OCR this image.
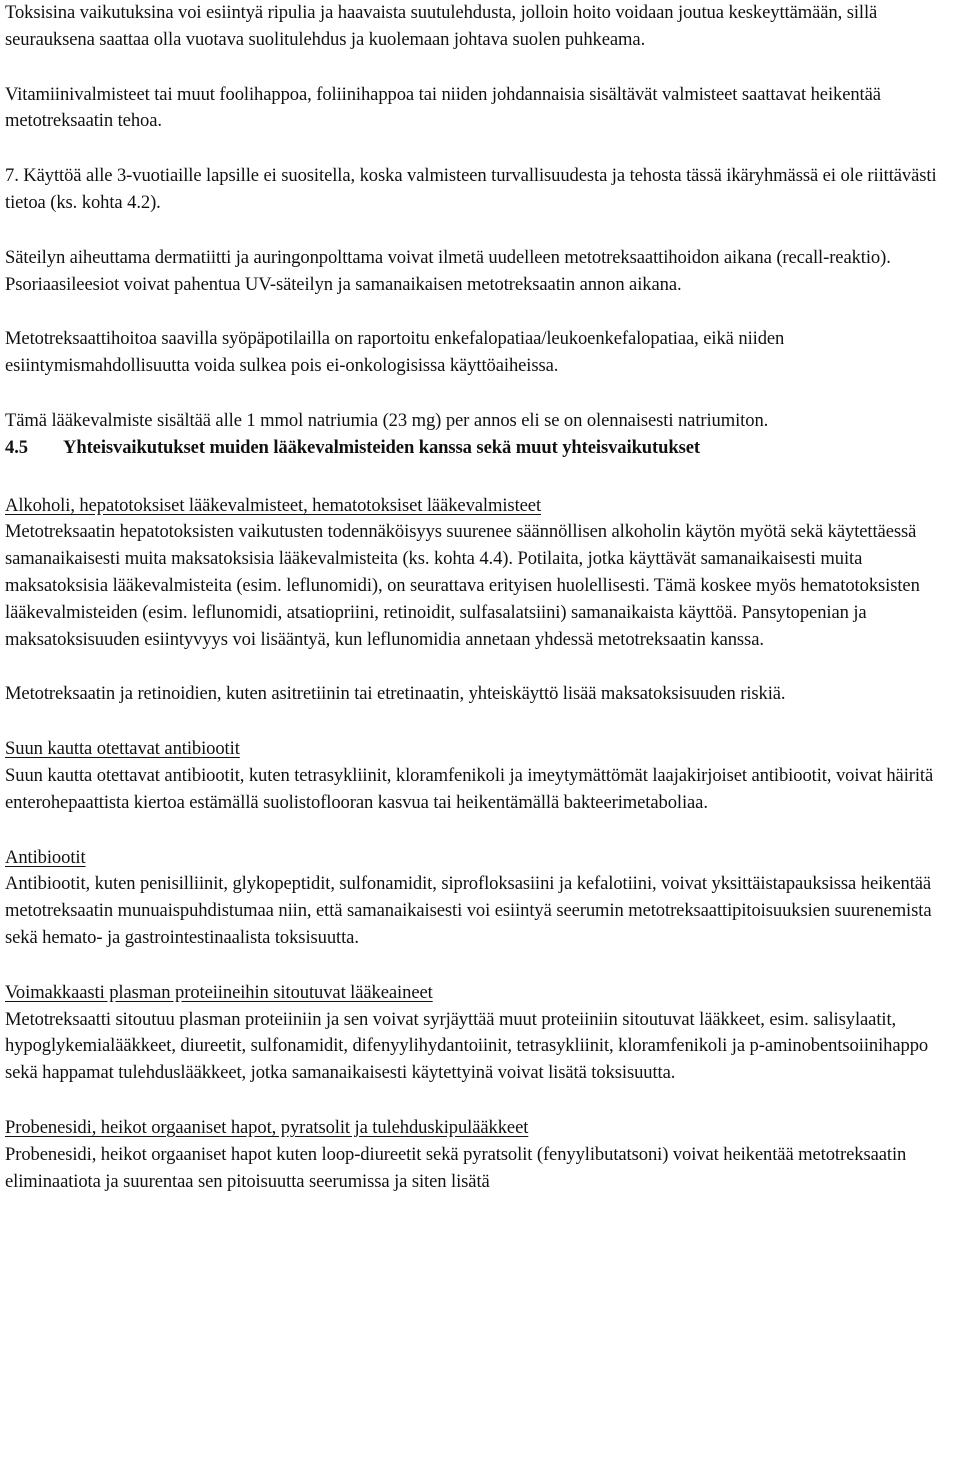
Toksisina vaikutuksina voi esiintyä ripulia ja haavaista suutulehdusta, jolloin hoito voidaan joutua keskeyttämään, sillä seurauksena saattaa olla vuotava suolitulehdus ja kuolemaan johtava suolen puhkeama.

Vitamiinivalmisteet tai muut foolihappoa, foliinihappoa tai niiden johdannaisia sisältävät valmisteet saattavat heikentää metotreksaatin tehoa.

7. Käyttöä alle 3-vuotiaille lapsille ei suositella, koska valmisteen turvallisuudesta ja tehosta tässä ikäryhmässä ei ole riittävästi tietoa (ks. kohta 4.2).

Säteilyn aiheuttama dermatiitti ja auringonpolttama voivat ilmetä uudelleen metotreksaattihoidon aikana (recall-reaktio). Psoriaasileesiot voivat pahentua UV-säteilyn ja samanaikaisen metotreksaatin annon aikana.

Metotreksaattihoitoa saavilla syöpäpotilailla on raportoitu enkefalopatiaa/leukoenkefalopatiaa, eikä niiden esiintymismahdollisuutta voida sulkea pois ei-onkologisissa käyttöaiheissa.

Tämä lääkevalmiste sisältää alle 1 mmol natriumia (23 mg) per annos eli se on olennaisesti natriumiton.

4.5 Yhteisvaikutukset muiden lääkevalmisteiden kanssa sekä muut yhteisvaikutukset

Alkoholi, hepatotoksiset lääkevalmisteet, hematotoksiset lääkevalmisteet

Metotreksaatin hepatotoksisten vaikutusten todennäköisyys suurenee säännöllisen alkoholin käytön myötä sekä käytettäessä samanaikaisesti muita maksatoksisia lääkevalmisteita (ks. kohta 4.4). Potilaita, jotka käyttävät samanaikaisesti muita maksatoksisia lääkevalmisteita (esim. leflunomidi), on seurattava erityisen huolellisesti. Tämä koskee myös hematotoksisten lääkevalmisteiden (esim. leflunomidi, atsatiopriini, retinoidit, sulfasalatsiini) samanaikaista käyttöä. Pansytopenian ja maksatoksisuuden esiintyvyys voi lisääntyä, kun leflunomidia annetaan yhdessä metotreksaatin kanssa.

Metotreksaatin ja retinoidien, kuten asitretiinin tai etretinaatin, yhteiskäyttö lisää maksatoksisuuden riskiä.

Suun kautta otettavat antibiootit

Suun kautta otettavat antibiootit, kuten tetrasykliinit, kloramfenikoli ja imeytymättömät laajakirjoiset antibiootit, voivat häiritä enterohepaattista kiertoa estämällä suolistoflooran kasvua tai heikentämällä bakteerimetaboliaa.

Antibiootit

Antibiootit, kuten penisilliinit, glykopeptidit, sulfonamidit, siprofloksasiini ja kefalotiini, voivat yksittäistapauksissa heikentää metotreksaatin munuaispuhdistumaa niin, että samanaikaisesti voi esiintyä seerumin metotreksaattipitoisuuksien suurenemista sekä hemato- ja gastrointestinaalista toksisuutta.

Voimakkaasti plasman proteiineihin sitoutuvat lääkeaineet

Metotreksaatti sitoutuu plasman proteiiniin ja sen voivat syrjäyttää muut proteiiniin sitoutuvat lääkkeet, esim. salisylaatit, hypoglykemialääkkeet, diureetit, sulfonamidit, difenyylihydantoiinit, tetrasykliinit, kloramfenikoli ja p-aminobentsoiinihappo sekä happamat tulehduslääkkeet, jotka samanaikaisesti käytettyinä voivat lisätä toksisuutta.

Probenesidi, heikot orgaaniset hapot, pyratsolit ja tulehduskipulääkkeet

Probenesidi, heikot orgaaniset hapot kuten loop-diureetit sekä pyratsolit (fenyylibutatsoni) voivat heikentää metotreksaatin eliminaatiota ja suurentaa sen pitoisuutta seerumissa ja siten lisätä
